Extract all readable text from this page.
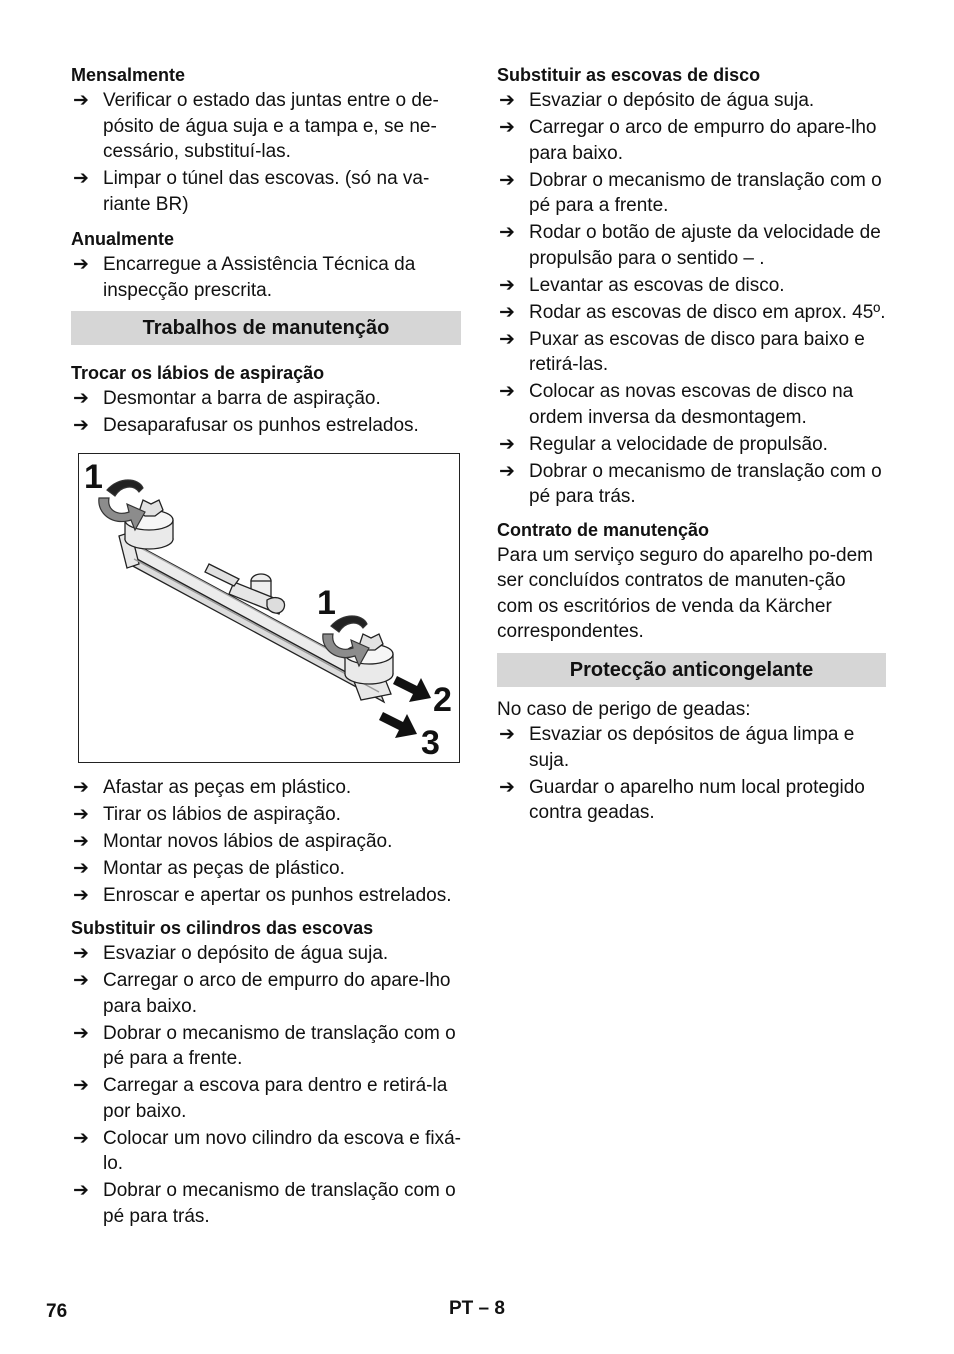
Mensalmente
➔ Verificar o estado das juntas entre o de-pósito de água suja e a tampa e, se ne-cessário, substituí-las.
➔ Limpar o túnel das escovas. (só na va-riante BR)
Anualmente
➔ Encarregue a Assistência Técnica da inspecção prescrita.
Trabalhos de manutenção
Trocar os lábios de aspiração
➔ Desmontar a barra de aspiração.
➔ Desaparafusar os punhos estrelados.
1
1
2
3
➔ Afastar as peças em plástico.
➔ Tirar os lábios de aspiração.
➔ Montar novos lábios de aspiração.
➔ Montar as peças de plástico.
➔ Enroscar e apertar os punhos estrelados.
Substituir os cilindros das escovas
➔ Esvaziar o depósito de água suja.
➔ Carregar o arco de empurro do apare-lho para baixo.
➔ Dobrar o mecanismo de translação com o pé para a frente.
➔ Carregar a escova para dentro e retirá-la por baixo.
➔ Colocar um novo cilindro da escova e fixá-lo.
➔ Dobrar o mecanismo de translação com o pé para trás.
Substituir as escovas de disco
➔ Esvaziar o depósito de água suja.
➔ Carregar o arco de empurro do apare-lho para baixo.
➔ Dobrar o mecanismo de translação com o pé para a frente.
➔ Rodar o botão de ajuste da velocidade de propulsão para o sentido – .
➔ Levantar as escovas de disco.
➔ Rodar as escovas de disco em aprox. 45º.
➔ Puxar as escovas de disco para baixo e retirá-las.
➔ Colocar as novas escovas de disco na ordem inversa da desmontagem.
➔ Regular a velocidade de propulsão.
➔ Dobrar o mecanismo de translação com o pé para trás.
Contrato de manutenção

Para um serviço seguro do aparelho po-dem ser concluídos contratos de manuten-ção com os escritórios de venda da Kärcher correspondentes.

Protecção anticongelante

No caso de perigo de geadas:

➔ Esvaziar os depósitos de água limpa e suja.
➔ Guardar o aparelho num local protegido contra geadas.
76	PT – 8
